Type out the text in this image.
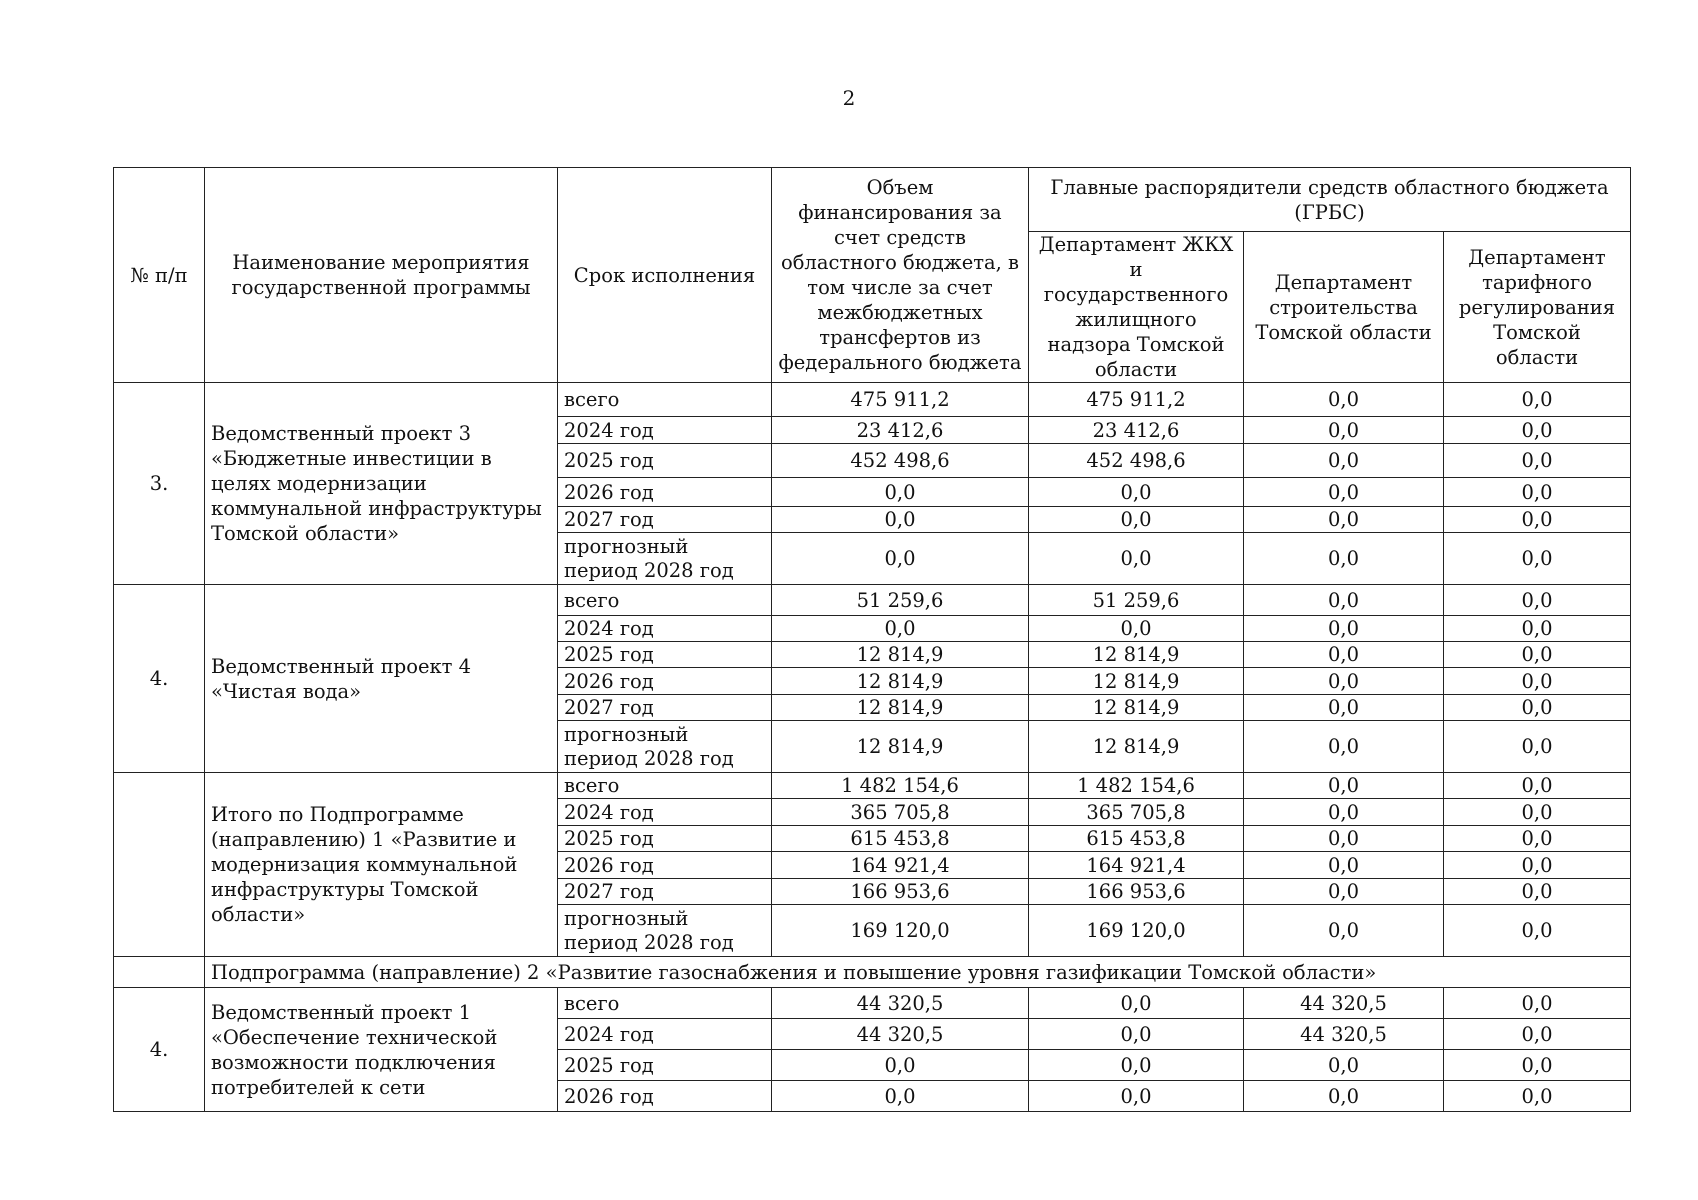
2
№ п/п	Наименование мероприятия государственной программы	Срок исполнения	Объем финансирования за счет средств областного бюджета, в том числе за счет межбюджетных трансфертов из федерального бюджета	Главные распорядители средств областного бюджета (ГРБС)		
				Департамент ЖКХ и государственного жилищного надзора Томской области	Департамент строительства Томской области	Департамент тарифного регулирования Томской области
3.	Ведомственный проект 3 «Бюджетные инвестиции в целях модернизации коммунальной инфраструктуры Томской области»	всего	475 911,2	475 911,2	0,0	0,0
		2024 год	23 412,6	23 412,6	0,0	0,0
		2025 год	452 498,6	452 498,6	0,0	0,0
		2026 год	0,0	0,0	0,0	0,0
		2027 год	0,0	0,0	0,0	0,0
		прогнозный период 2028 год	0,0	0,0	0,0	0,0
4.	Ведомственный проект 4 «Чистая вода»	всего	51 259,6	51 259,6	0,0	0,0
		2024 год	0,0	0,0	0,0	0,0
		2025 год	12 814,9	12 814,9	0,0	0,0
		2026 год	12 814,9	12 814,9	0,0	0,0
		2027 год	12 814,9	12 814,9	0,0	0,0
		прогнозный период 2028 год	12 814,9	12 814,9	0,0	0,0
	Итого по Подпрограмме (направлению) 1 «Развитие и модернизация коммунальной инфраструктуры Томской области»	всего	1 482 154,6	1 482 154,6	0,0	0,0
		2024 год	365 705,8	365 705,8	0,0	0,0
		2025 год	615 453,8	615 453,8	0,0	0,0
		2026 год	164 921,4	164 921,4	0,0	0,0
		2027 год	166 953,6	166 953,6	0,0	0,0
		прогнозный период 2028 год	169 120,0	169 120,0	0,0	0,0
	Подпрограмма (направление) 2 «Развитие газоснабжения и повышение уровня газификации Томской области»					
4.	Ведомственный проект 1 «Обеспечение технической возможности подключения потребителей к сети	всего	44 320,5	0,0	44 320,5	0,0
		2024 год	44 320,5	0,0	44 320,5	0,0
		2025 год	0,0	0,0	0,0	0,0
		2026 год	0,0	0,0	0,0	0,0
